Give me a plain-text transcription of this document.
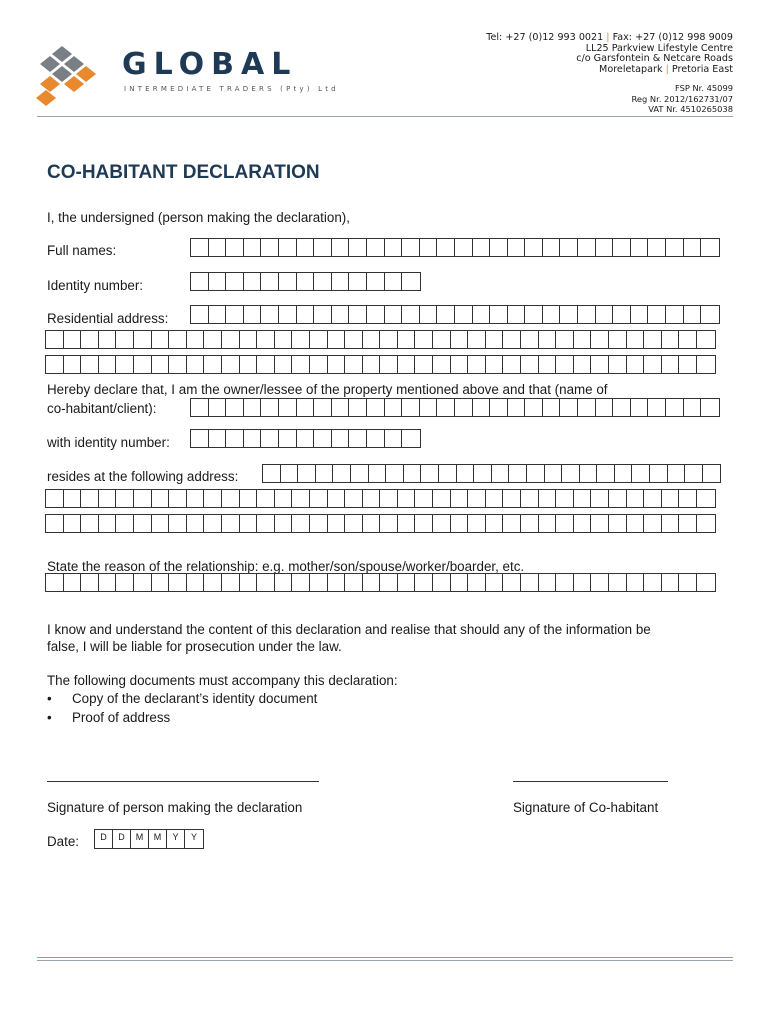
GLOBAL
INTERMEDIATE TRADERS (Pty) Ltd
Tel: +27 (0)12 993 0021 | Fax: +27 (0)12 998 9009
LL25 Parkview Lifestyle Centre
c/o Garsfontein & Netcare Roads
Moreletapark | Pretoria East
FSP Nr. 45099
Reg Nr. 2012/162731/07
VAT Nr. 4510265038
CO-HABITANT DECLARATION
I, the undersigned (person making the declaration),
Full names:
Identity number:
Residential address:
Hereby declare that, I am the owner/lessee of the property mentioned above and that (name of
co-habitant/client):
with identity number:
resides at the following address:
State the reason of the relationship: e.g. mother/son/spouse/worker/boarder, etc.
I know and understand the content of this declaration and realise that should any of the information be
false, I will be liable for prosecution under the law.
The following documents must accompany this declaration:
• Copy of the declarant’s identity document
• Proof of address
Signature of person making the declaration	Signature of Co-habitant
Date:	D	D	M	M	Y	Y
